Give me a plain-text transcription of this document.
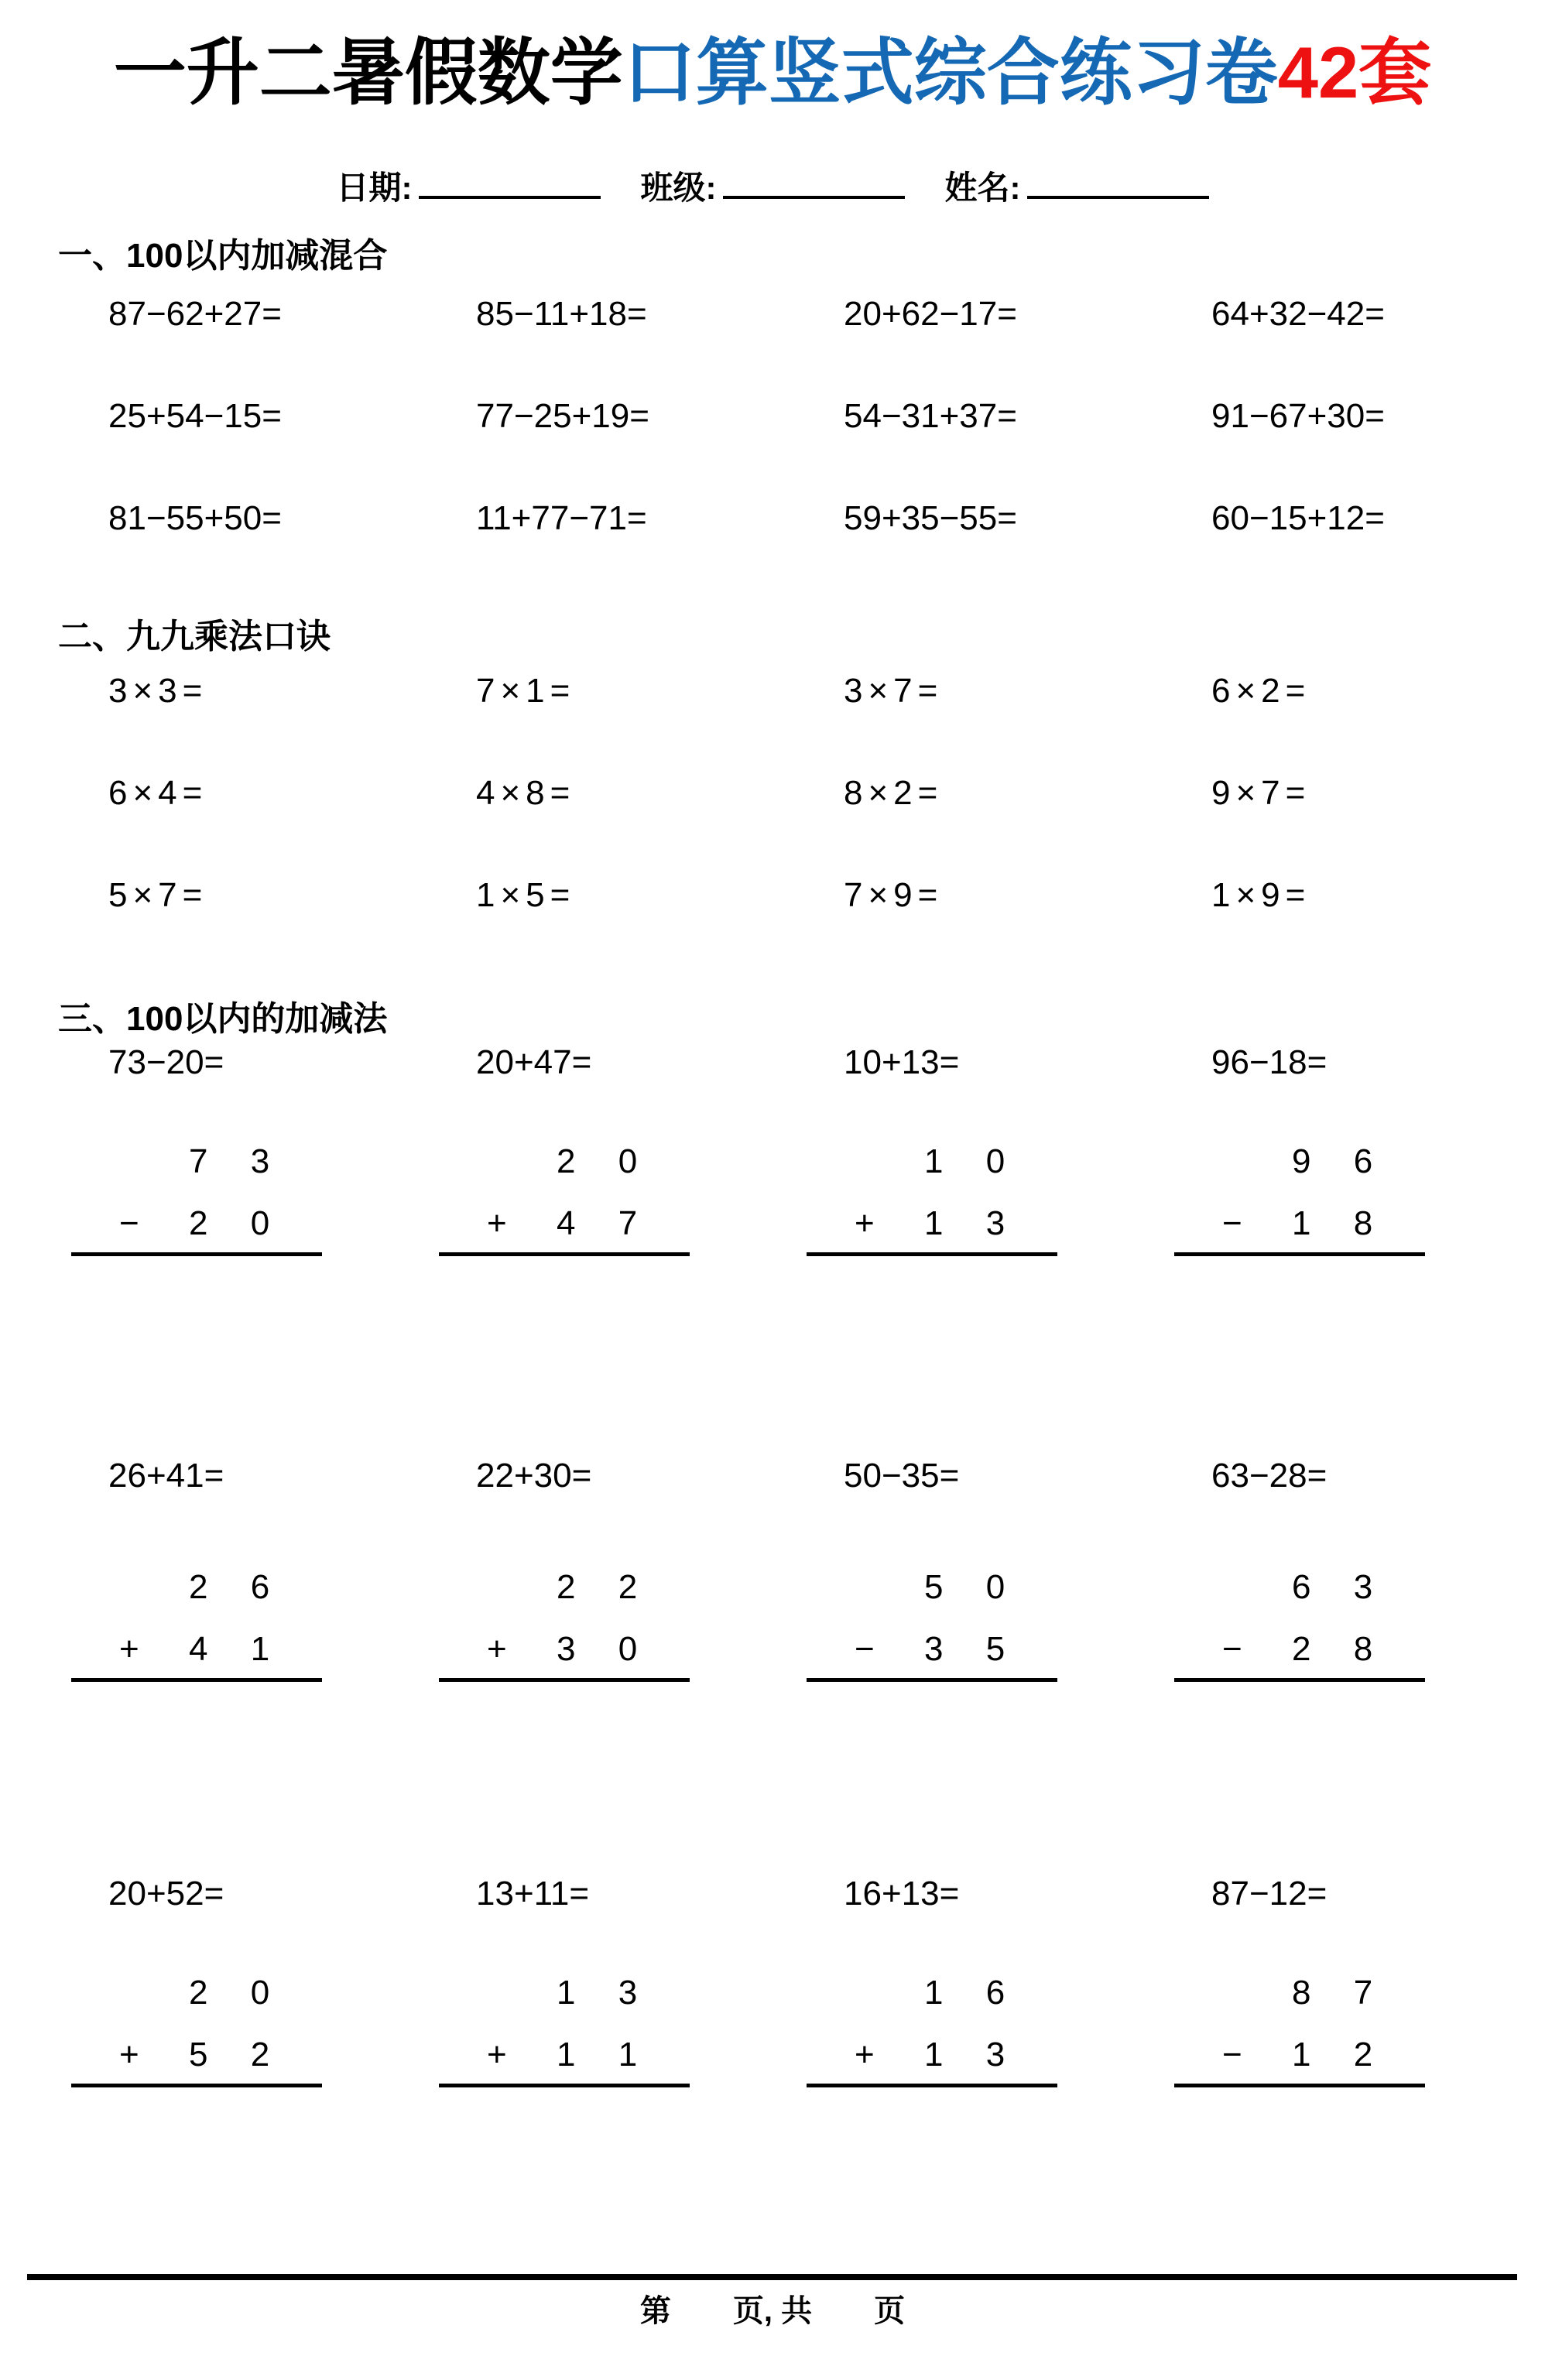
一升二暑假数学口算竖式综合练习卷42套
日期:	班级:	姓名:
一、100以内加减混合
87−62+27=	85−11+18=	20+62−17=	64+32−42=
25+54−15=	77−25+19=	54−31+37=	91−67+30=
81−55+50=	11+77−71=	59+35−55=	60−15+12=
二、九九乘法口诀
3×3=	7×1=	3×7=	6×2=
6×4=	4×8=	8×2=	9×7=
5×7=	1×5=	7×9=	1×9=
三、100以内的加减法
73−20=	20+47=	10+13=	96−18=
7 3
−	2 0
2 0
+	4 7
1 0
+	1 3
9 6
−	1 8
26+41=	22+30=	50−35=	63−28=
2 6
+	4 1
2 2
+	3 0
5 0
−	3 5
6 3
−	2 8
20+52=	13+11=	16+13=	87−12=
2 0
+	5 2
1 3
+	1 1
1 6
+	1 3
8 7
−	1 2
第　　页, 共　　页
